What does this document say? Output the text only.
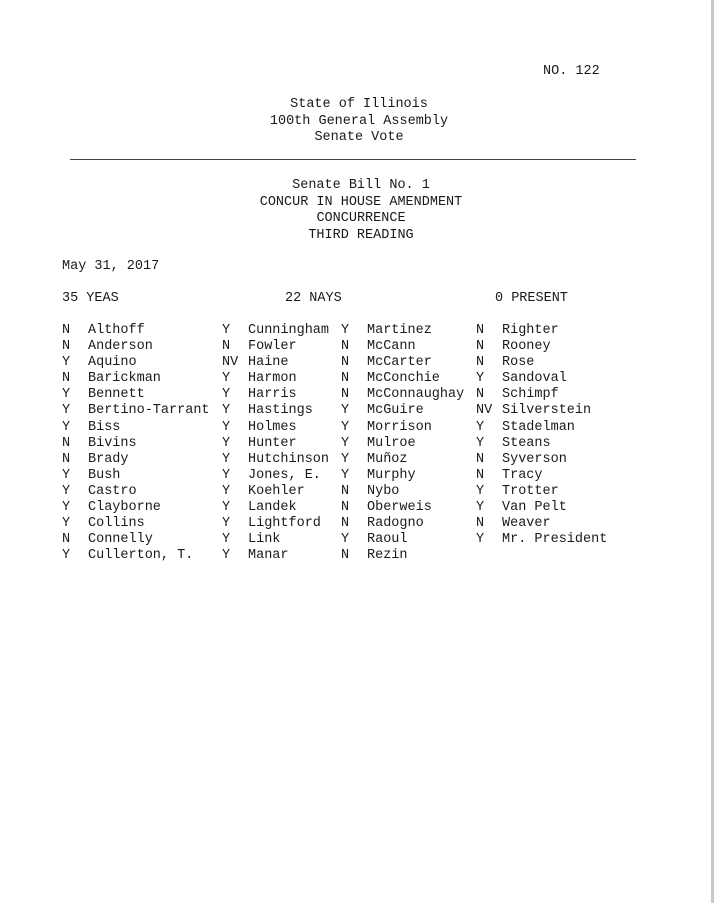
NO. 122
State of Illinois
100th General Assembly
Senate Vote
Senate Bill No. 1
CONCUR IN HOUSE AMENDMENT
CONCURRENCE
THIRD READING
May 31, 2017
35 YEAS	22 NAYS	0 PRESENT
N Althoff
N Anderson
Y Aquino
N Barickman
Y Bennett
Y Bertino-Tarrant
Y Biss
N Bivins
N Brady
Y Bush
Y Castro
Y Clayborne
Y Collins
N Connelly
Y Cullerton, T.
Y Cunningham
N Fowler
NV Haine
Y Harmon
Y Harris
Y Hastings
Y Holmes
Y Hunter
Y Hutchinson
Y Jones, E.
Y Koehler
Y Landek
Y Lightford
Y Link
Y Manar
Y Martinez
N McCann
N McCarter
N McConchie
N McConnaughay
Y McGuire
Y Morrison
Y Mulroe
Y Muñoz
Y Murphy
N Nybo
N Oberweis
N Radogno
Y Raoul
N Rezin
N Righter
N Rooney
N Rose
Y Sandoval
N Schimpf
NV Silverstein
Y Stadelman
Y Steans
N Syverson
N Tracy
Y Trotter
Y Van Pelt
N Weaver
Y Mr. President
